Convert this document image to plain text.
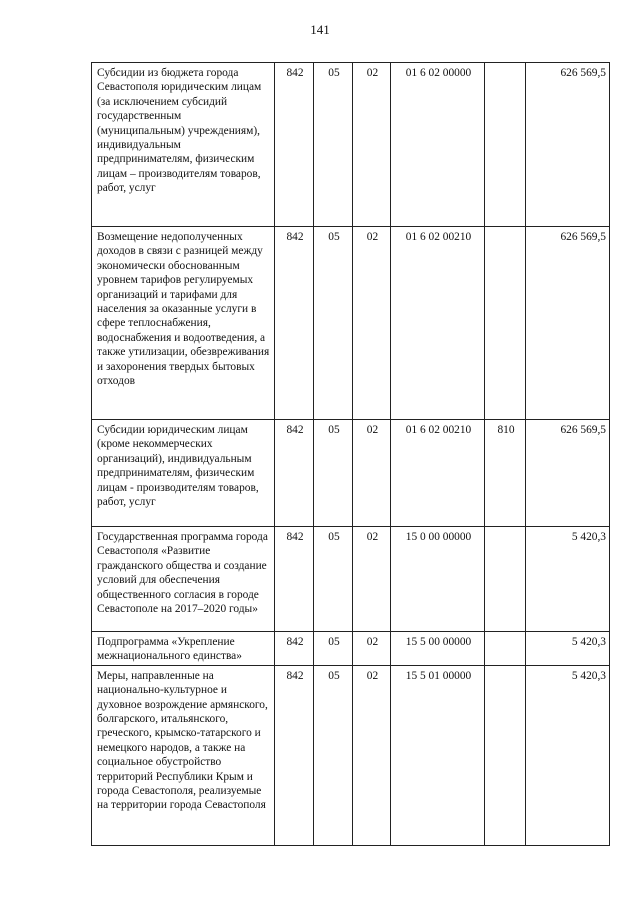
141
Субсидии из бюджета города Севастополя юридическим лицам (за исключением субсидий государственным (муниципальным) учреждениям), индивидуальным предпринимателям, физическим лицам – производителям товаров, работ, услуг	842	05	02	01 6 02 00000		626 569,5
Возмещение недополученных доходов в связи с разницей между экономически обоснованным уровнем тарифов регулируемых организаций и тарифами для населения за оказанные услуги в сфере теплоснабжения, водоснабжения и водоотведения, а также утилизации, обезвреживания и захоронения твердых бытовых отходов	842	05	02	01 6 02 00210		626 569,5
Субсидии юридическим лицам (кроме некоммерческих организаций), индивидуальным предпринимателям, физическим лицам - производителям товаров, работ, услуг	842	05	02	01 6 02 00210	810	626 569,5
Государственная программа города Севастополя «Развитие гражданского общества и создание условий для обеспечения общественного согласия в городе Севастополе на 2017–2020 годы»	842	05	02	15 0 00 00000		5 420,3
Подпрограмма «Укрепление межнационального единства»	842	05	02	15 5 00 00000		5 420,3
Меры, направленные на национально-культурное и духовное возрождение армянского, болгарского, итальянского, греческого, крымско-татарского и немецкого народов, а также на социальное обустройство территорий Республики Крым и города Севастополя, реализуемые на территории города Севастополя	842	05	02	15 5 01 00000		5 420,3
